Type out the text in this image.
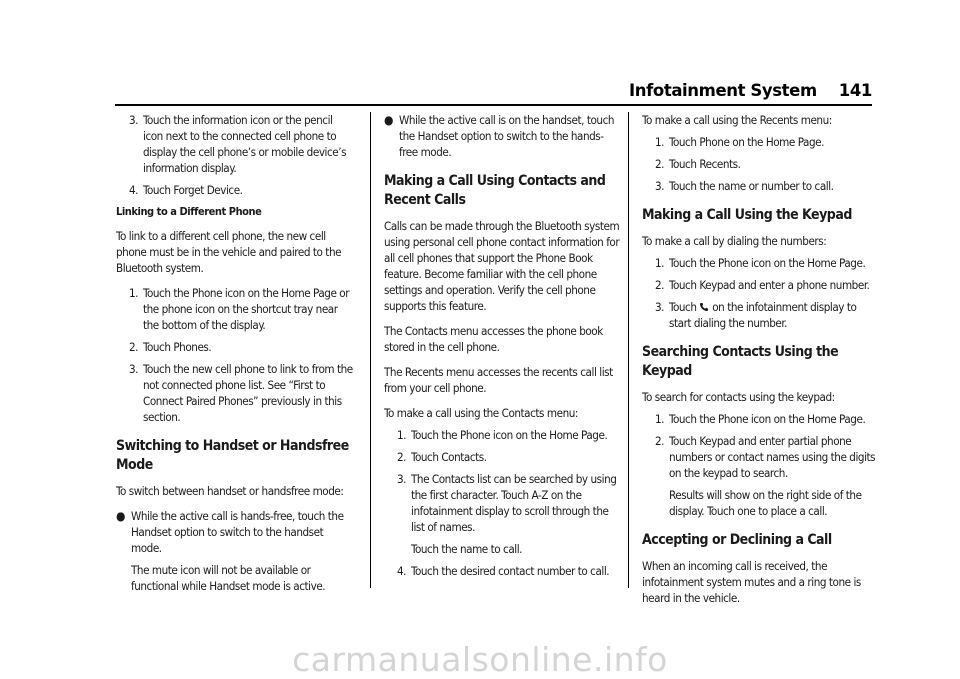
Infotainment System 141
3. Touch the information icon or the pencil icon next to the connected cell phone to display the cell phone’s or mobile device’s information display.
4. Touch Forget Device.
Linking to a Different Phone

To link to a different cell phone, the new cell phone must be in the vehicle and paired to the Bluetooth system.

1. Touch the Phone icon on the Home Page or the phone icon on the shortcut tray near the bottom of the display.
2. Touch Phones.
3. Touch the new cell phone to link to from the not connected phone list. See “First to Connect Paired Phones” previously in this section.
Switching to Handset or Handsfree Mode

To switch between handset or handsfree mode:

● While the active call is hands-free, touch the Handset option to switch to the handset mode.
The mute icon will not be available or functional while Handset mode is active.
● While the active call is on the handset, touch the Handset option to switch to the hands-free mode.
Making a Call Using Contacts and Recent Calls

Calls can be made through the Bluetooth system using personal cell phone contact information for all cell phones that support the Phone Book feature. Become familiar with the cell phone settings and operation. Verify the cell phone supports this feature.

The Contacts menu accesses the phone book stored in the cell phone.

The Recents menu accesses the recents call list from your cell phone.

To make a call using the Contacts menu:

1. Touch the Phone icon on the Home Page.
2. Touch Contacts.
3. The Contacts list can be searched by using the first character. Touch A-Z on the infotainment display to scroll through the list of names.
Touch the name to call.
4. Touch the desired contact number to call.

To make a call using the Recents menu:

1. Touch Phone on the Home Page.
2. Touch Recents.
3. Touch the name or number to call.
Making a Call Using the Keypad

To make a call by dialing the numbers:

1. Touch the Phone icon on the Home Page.
2. Touch Keypad and enter a phone number.
3. Touch on the infotainment display to start dialing the number.
Searching Contacts Using the Keypad

To search for contacts using the keypad:

1. Touch the Phone icon on the Home Page.
2. Touch Keypad and enter partial phone numbers or contact names using the digits on the keypad to search.
Results will show on the right side of the display. Touch one to place a call.
Accepting or Declining a Call

When an incoming call is received, the infotainment system mutes and a ring tone is heard in the vehicle.

carmanualsonline.info
